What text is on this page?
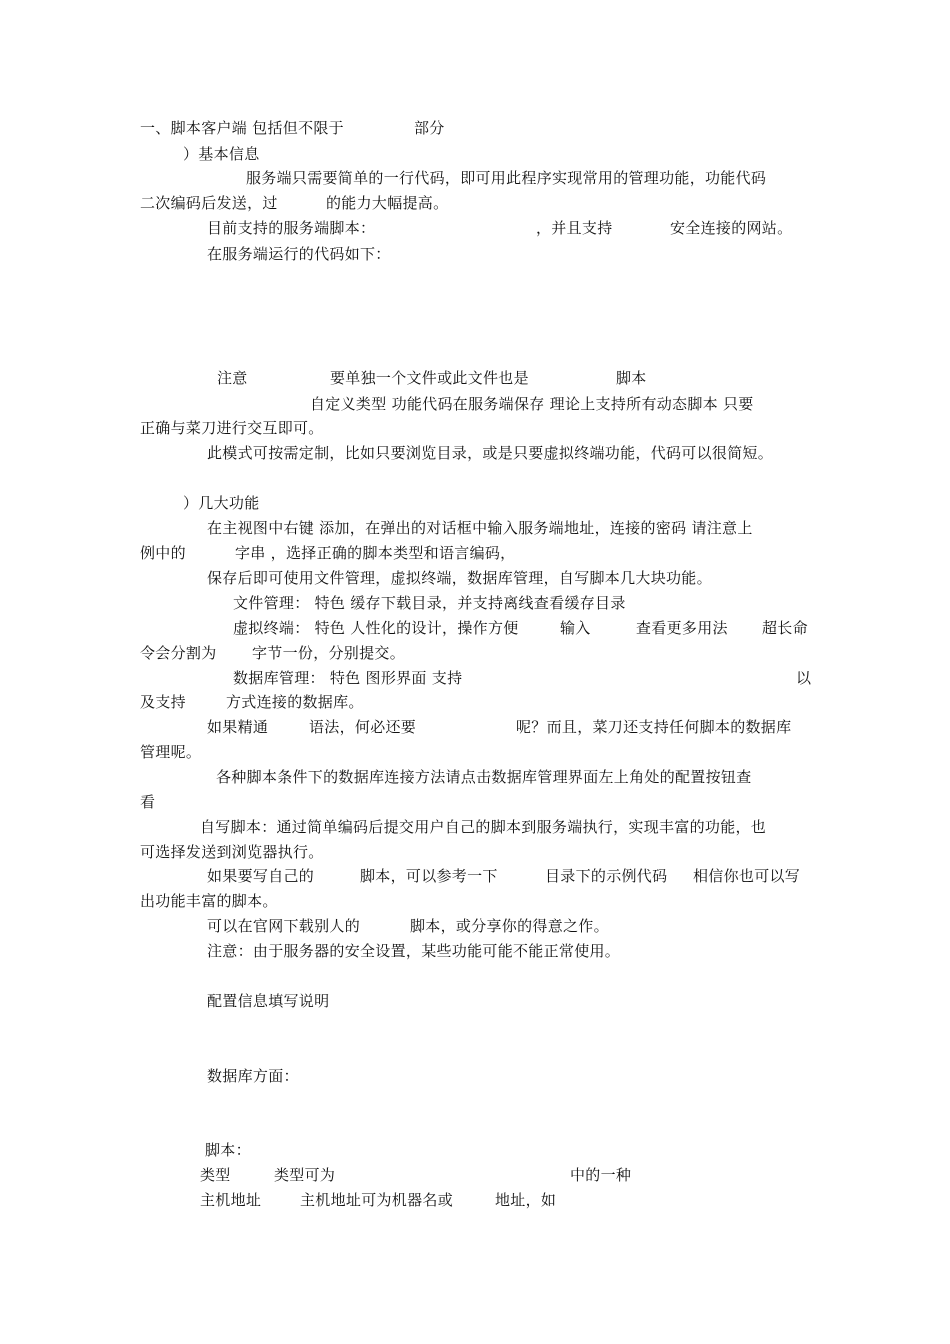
一、脚本客户端 包括但不限于	部分
）基本信息
服务端只需要简单的一行代码，即可用此程序实现常用的管理功能，功能代码
二次编码后发送，过	的能力大幅提高。
目前支持的服务端脚本：	，并且支持	安全连接的网站。
在服务端运行的代码如下：
注意	要单独一个文件或此文件也是	脚本
自定义类型 功能代码在服务端保存 理论上支持所有动态脚本 只要
正确与菜刀进行交互即可。
此模式可按需定制，比如只要浏览目录，或是只要虚拟终端功能，代码可以很简短。
）几大功能
在主视图中右键 添加，在弹出的对话框中输入服务端地址，连接的密码 请注意上
例中的	字串 ，选择正确的脚本类型和语言编码，
保存后即可使用文件管理，虚拟终端，数据库管理，自写脚本几大块功能。
文件管理： 特色 缓存下载目录，并支持离线查看缓存目录
虚拟终端： 特色 人性化的设计，操作方便	输入	查看更多用法 超长命
令会分割为 字节一份，分别提交。
数据库管理： 特色 图形界面 支持	以
及支持	方式连接的数据库。
如果精通	语法，何必还要	呢？而且，菜刀还支持任何脚本的数据库
管理呢。
各种脚本条件下的数据库连接方法请点击数据库管理界面左上角处的配置按钮查
看
自写脚本：通过简单编码后提交用户自己的脚本到服务端执行，实现丰富的功能，也
可选择发送到浏览器执行。
如果要写自己的	脚本，可以参考一下	目录下的示例代码 相信你也可以写
出功能丰富的脚本。
可以在官网下载别人的	脚本，或分享你的得意之作。
注意：由于服务器的安全设置，某些功能可能不能正常使用。
配置信息填写说明
数据库方面：
脚本：
类型	类型可为	中的一种
主机地址	主机地址可为机器名或	地址，如
